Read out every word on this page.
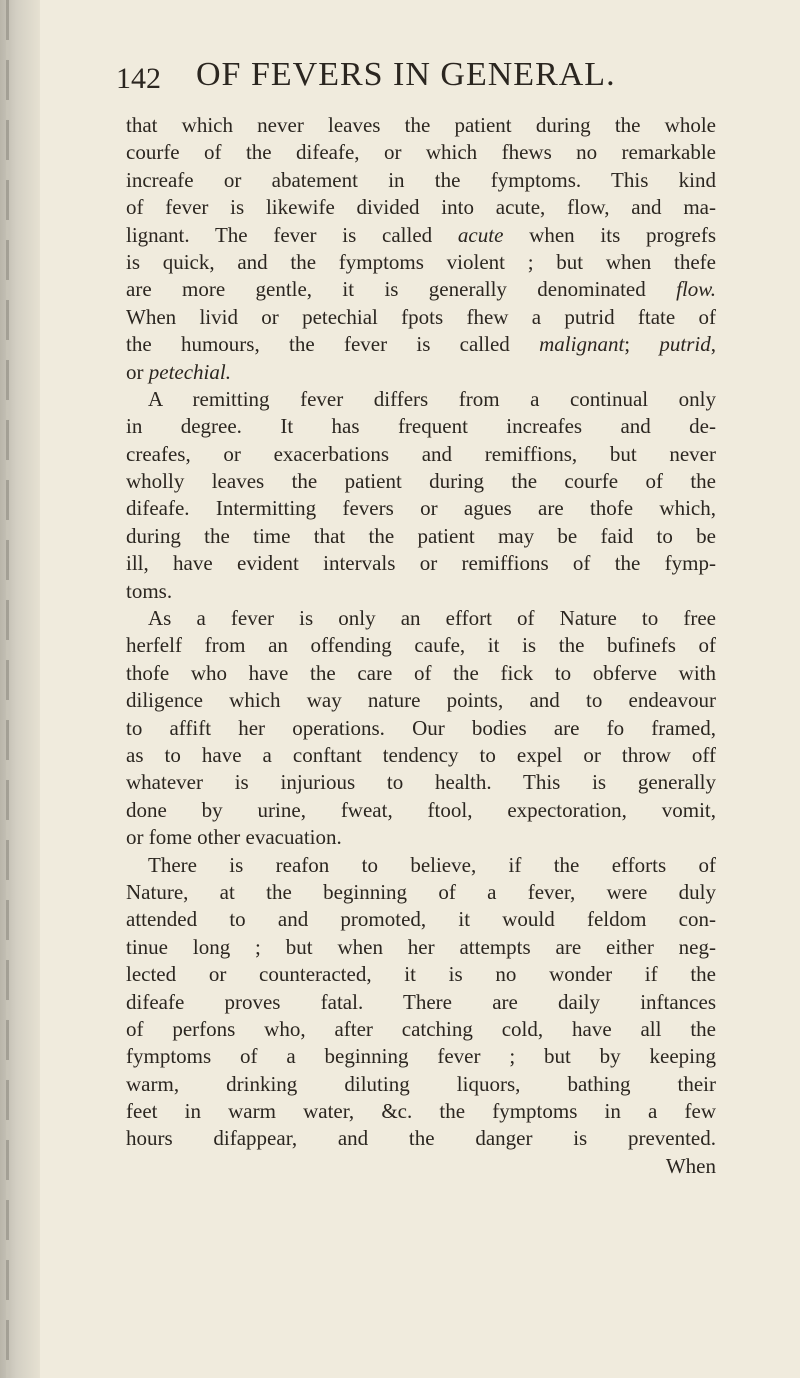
142 OF FEVERS IN GENERAL.
that which never leaves the patient during the whole
courfe of the difeafe, or which fhews no remarkable
increafe or abatement in the fymptoms. This kind
of fever is likewife divided into acute, flow, and ma-
lignant. The fever is called acute when its progrefs
is quick, and the fymptoms violent ; but when thefe
are more gentle, it is generally denominated flow.
When livid or petechial fpots fhew a putrid ftate of
the humours, the fever is called malignant; putrid,
or petechial.
A remitting fever differs from a continual only
in degree. It has frequent increafes and de-
creafes, or exacerbations and remiffions, but never
wholly leaves the patient during the courfe of the
difeafe. Intermitting fevers or agues are thofe which,
during the time that the patient may be faid to be
ill, have evident intervals or remiffions of the fymp-
toms.
As a fever is only an effort of Nature to free
herfelf from an offending caufe, it is the bufinefs of
thofe who have the care of the fick to obferve with
diligence which way nature points, and to endeavour
to affift her operations. Our bodies are fo framed,
as to have a conftant tendency to expel or throw off
whatever is injurious to health. This is generally
done by urine, fweat, ftool, expectoration, vomit,
or fome other evacuation.
There is reafon to believe, if the efforts of
Nature, at the beginning of a fever, were duly
attended to and promoted, it would feldom con-
tinue long ; but when her attempts are either neg-
lected or counteracted, it is no wonder if the
difeafe proves fatal. There are daily inftances
of perfons who, after catching cold, have all the
fymptoms of a beginning fever ; but by keeping
warm, drinking diluting liquors, bathing their
feet in warm water, &c. the fymptoms in a few
hours difappear, and the danger is prevented.
When
